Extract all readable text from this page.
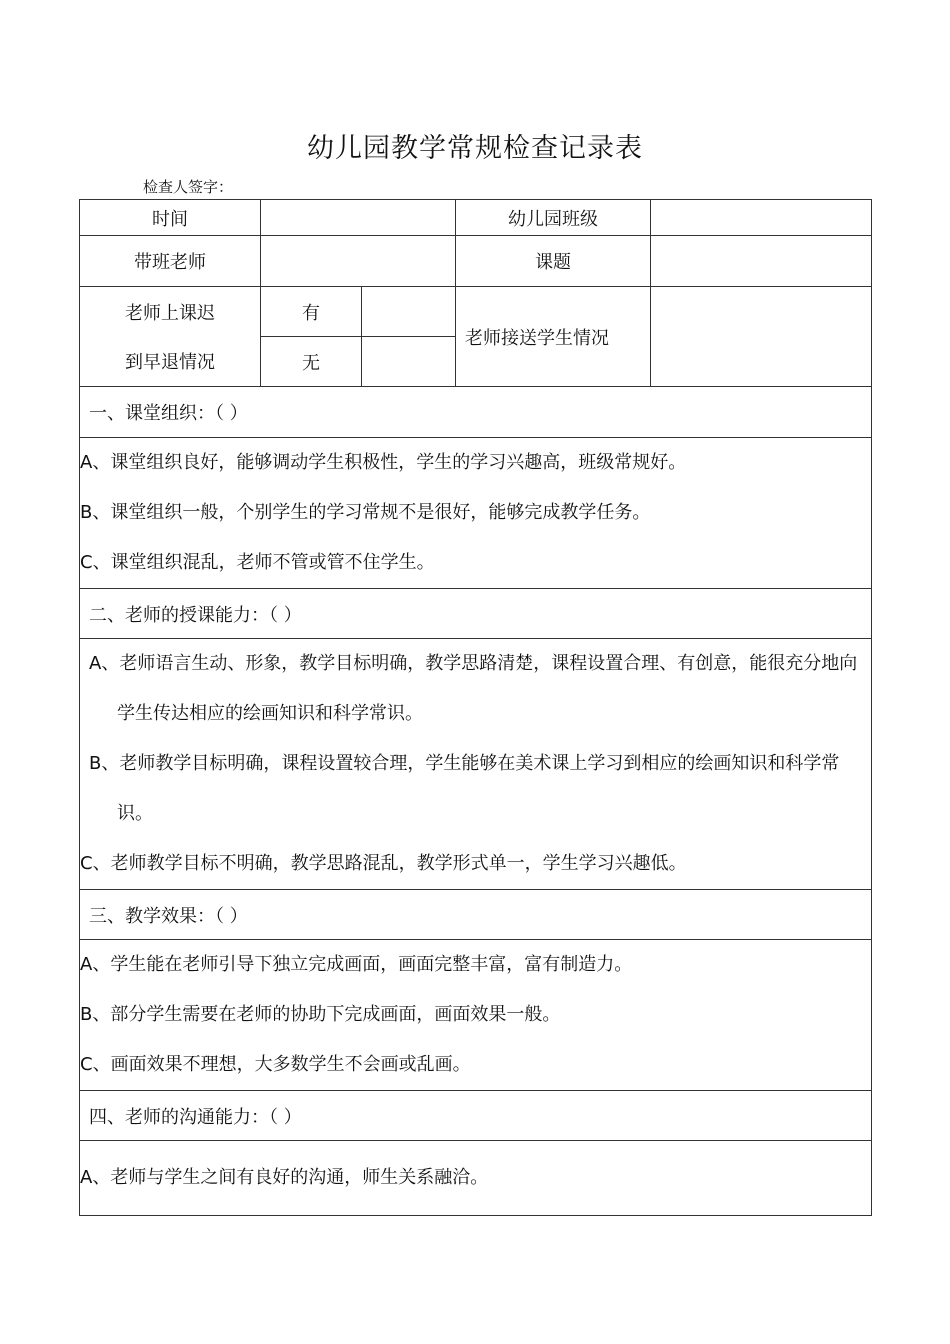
幼儿园教学常规检查记录表
检查人签字：
时间			幼儿园班级	
带班老师			课题	
老师上课迟	有		老师接送学生情况	
到早退情况	无			
一、课堂组织：（ ）				

A、课堂组织良好，能够调动学生积极性，学生的学习兴趣高，班级常规好。
B、课堂组织一般，个别学生的学习常规不是很好，能够完成教学任务。
C、课堂组织混乱，老师不管或管不住学生。				

二、老师的授课能力：（ ）				

A、老师语言生动、形象，教学目标明确，教学思路清楚，课程设置合理、有创意，能很充分地向学生传达相应的绘画知识和科学常识。
B、老师教学目标明确，课程设置较合理，学生能够在美术课上学习到相应的绘画知识和科学常识。
C、老师教学目标不明确，教学思路混乱，教学形式单一，学生学习兴趣低。				

三、教学效果：（ ）				

A、学生能在老师引导下独立完成画面，画面完整丰富，富有制造力。
B、部分学生需要在老师的协助下完成画面，画面效果一般。
C、画面效果不理想，大多数学生不会画或乱画。				

四、老师的沟通能力：（ ）				

A、老师与学生之间有良好的沟通，师生关系融洽。				
